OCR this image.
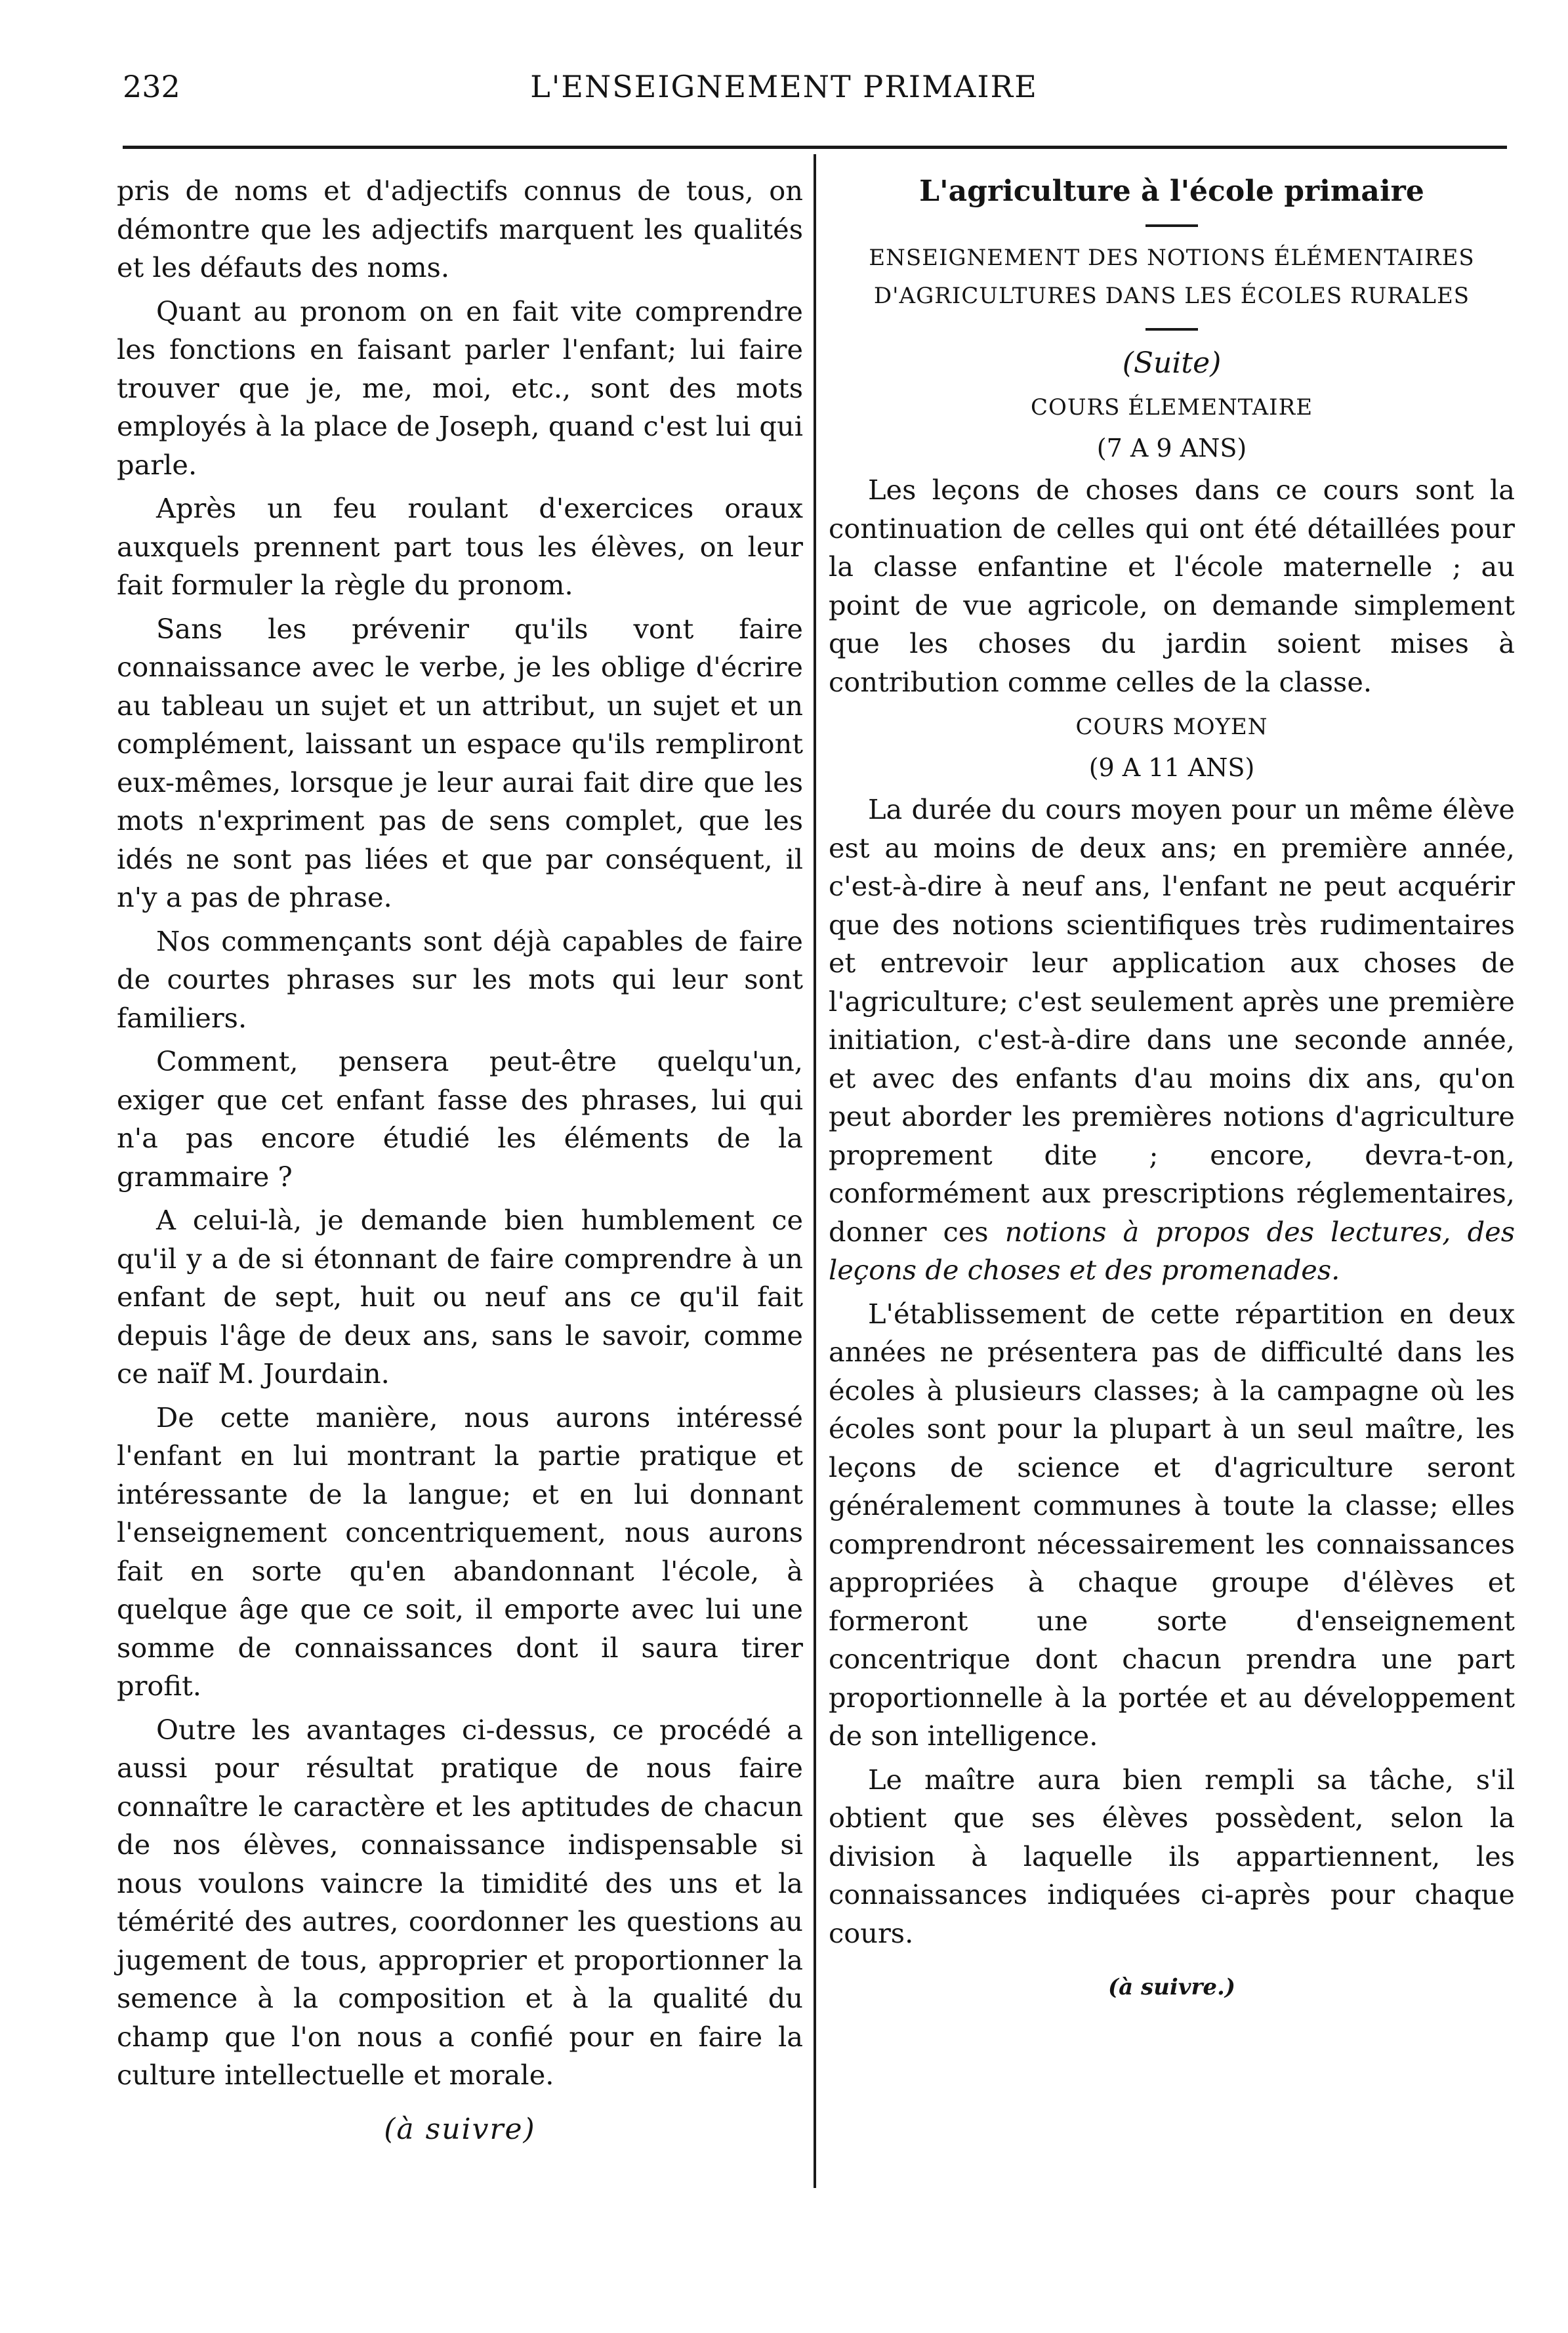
232	L'ENSEIGNEMENT PRIMAIRE

pris de noms et d'adjectifs connus de tous, on démontre que les adjectifs marquent les qualités et les défauts des noms.

Quant au pronom on en fait vite comprendre les fonctions en faisant parler l'enfant; lui faire trouver que je, me, moi, etc., sont des mots employés à la place de Joseph, quand c'est lui qui parle.

Après un feu roulant d'exercices oraux auxquels prennent part tous les élèves, on leur fait formuler la règle du pronom.

Sans les prévenir qu'ils vont faire connaissance avec le verbe, je les oblige d'écrire au tableau un sujet et un attribut, un sujet et un complément, laissant un espace qu'ils rempliront eux-mêmes, lorsque je leur aurai fait dire que les mots n'expriment pas de sens complet, que les idés ne sont pas liées et que par conséquent, il n'y a pas de phrase.

Nos commençants sont déjà capables de faire de courtes phrases sur les mots qui leur sont familiers.

Comment, pensera peut-être quelqu'un, exiger que cet enfant fasse des phrases, lui qui n'a pas encore étudié les éléments de la grammaire ?

A celui-là, je demande bien humblement ce qu'il y a de si étonnant de faire comprendre à un enfant de sept, huit ou neuf ans ce qu'il fait depuis l'âge de deux ans, sans le savoir, comme ce naïf M. Jourdain.

De cette manière, nous aurons intéressé l'enfant en lui montrant la partie pratique et intéressante de la langue; et en lui donnant l'enseignement concentriquement, nous aurons fait en sorte qu'en abandonnant l'école, à quelque âge que ce soit, il emporte avec lui une somme de connaissances dont il saura tirer profit.

Outre les avantages ci-dessus, ce procédé a aussi pour résultat pratique de nous faire connaître le caractère et les aptitudes de chacun de nos élèves, connaissance indispensable si nous voulons vaincre la timidité des uns et la témérité des autres, coordonner les questions au jugement de tous, approprier et proportionner la semence à la composition et à la qualité du champ que l'on nous a confié pour en faire la culture intellectuelle et morale.

(à suivre)
L'agriculture à l'école primaire
ENSEIGNEMENT DES NOTIONS ÉLÉMENTAIRES D'AGRICULTURES DANS LES ÉCOLES RURALES
(Suite)
COURS ÉLEMENTAIRE
(7 A 9 ANS)

Les leçons de choses dans ce cours sont la continuation de celles qui ont été détaillées pour la classe enfantine et l'école maternelle ; au point de vue agricole, on demande simplement que les choses du jardin soient mises à contribution comme celles de la classe.

COURS MOYEN
(9 A 11 ANS)

La durée du cours moyen pour un même élève est au moins de deux ans; en première année, c'est-à-dire à neuf ans, l'enfant ne peut acquérir que des notions scientifiques très rudimentaires et entrevoir leur application aux choses de l'agriculture; c'est seulement après une première initiation, c'est-à-dire dans une seconde année, et avec des enfants d'au moins dix ans, qu'on peut aborder les premières notions d'agriculture proprement dite ; encore, devra-t-on, conformément aux prescriptions réglementaires, donner ces notions à propos des lectures, des leçons de choses et des promenades.

L'établissement de cette répartition en deux années ne présentera pas de difficulté dans les écoles à plusieurs classes; à la campagne où les écoles sont pour la plupart à un seul maître, les leçons de science et d'agriculture seront généralement communes à toute la classe; elles comprendront nécessairement les connaissances appropriées à chaque groupe d'élèves et formeront une sorte d'enseignement concentrique dont chacun prendra une part proportionnelle à la portée et au développement de son intelligence.

Le maître aura bien rempli sa tâche, s'il obtient que ses élèves possèdent, selon la division à laquelle ils appartiennent, les connaissances indiquées ci-après pour chaque cours.

(à suivre.)
